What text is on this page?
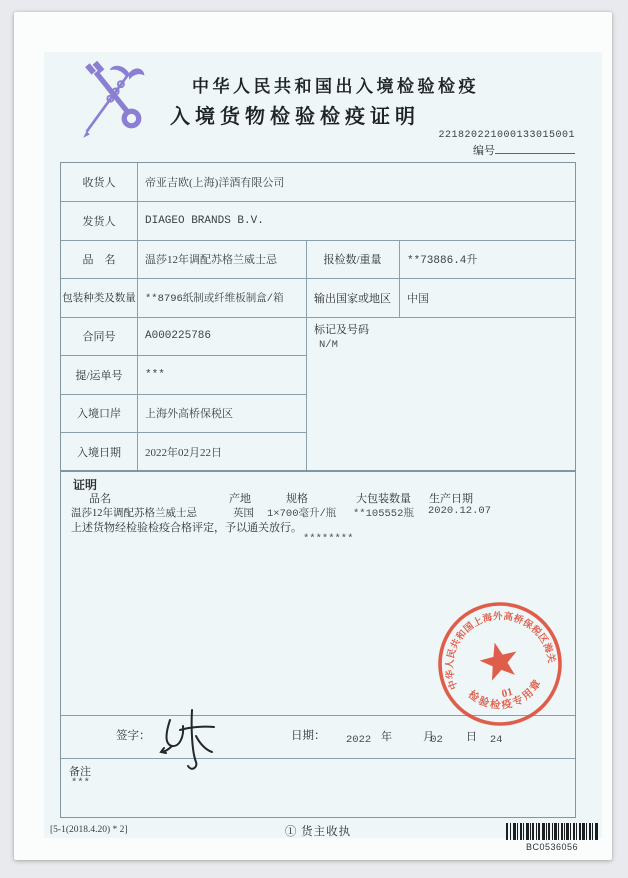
中华人民共和国出入境检验检疫
入境货物检验检疫证明
221820221000133015001
编号
收货人	帝亚吉欧(上海)洋酒有限公司
发货人	DIAGEO BRANDS B.V.
品　名	温莎12年调配苏格兰威士忌	报检数/重量	**73886.4升
包装种类及数量 **8796纸制或纤维板制盒/箱	输出国家或地区	中国
合同号	A000225786
提/运单号	***
入境口岸	上海外高桥保税区
入境日期	2022年02月22日
标记及号码
N/M
证明
品名	产地	规格	大包装数量 生产日期
温莎12年调配苏格兰威士忌	英国 1×700毫升/瓶 **105552瓶 2020.12.07
上述货物经检验检疫合格评定，予以通关放行。
********
签字：	日期： $_{2022}$ 年	$_{02}$
月	$_{24}$
日
备注
***
中华人民共和国上海外高桥保税区海关
检验检疫专用章
01
[5-1(2018.4.20) * 2]	① 货主收执
BC0536056
